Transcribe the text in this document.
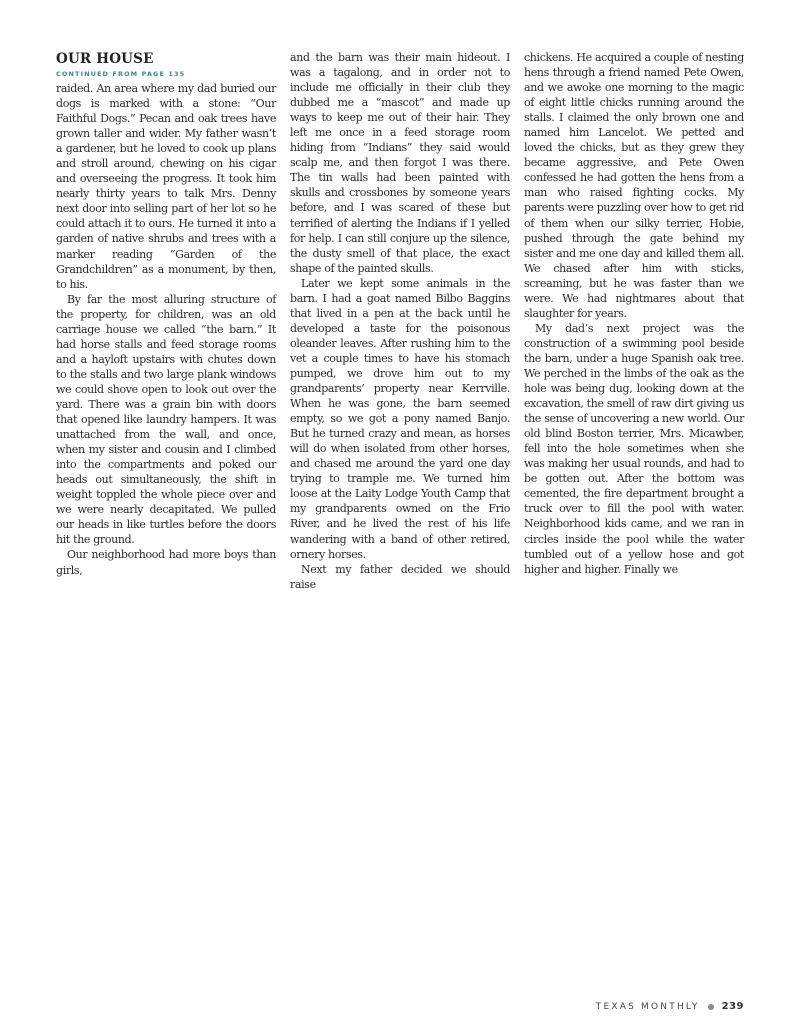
OUR HOUSE
CONTINUED FROM PAGE 135

raided. An area where my dad buried our dogs is marked with a stone: “Our Faithful Dogs.” Pecan and oak trees have grown taller and wider. My father wasn’t a gardener, but he loved to cook up plans and stroll around, chewing on his cigar and overseeing the progress. It took him nearly thirty years to talk Mrs. Denny next door into selling part of her lot so he could attach it to ours. He turned it into a garden of native shrubs and trees with a marker reading “Garden of the Grandchildren” as a monument, by then, to his.

By far the most alluring structure of the property, for children, was an old carriage house we called “the barn.” It had horse stalls and feed storage rooms and a hayloft upstairs with chutes down to the stalls and two large plank windows we could shove open to look out over the yard. There was a grain bin with doors that opened like laundry hampers. It was unattached from the wall, and once, when my sister and cousin and I climbed into the compartments and poked our heads out simultaneously, the shift in weight toppled the whole piece over and we were nearly decapitated. We pulled our heads in like turtles before the doors hit the ground.

Our neighborhood had more boys than girls,

and the barn was their main hideout. I was a tagalong, and in order not to include me officially in their club they dubbed me a “mascot” and made up ways to keep me out of their hair. They left me once in a feed storage room hiding from “Indians” they said would scalp me, and then forgot I was there. The tin walls had been painted with skulls and crossbones by someone years before, and I was scared of these but terrified of alerting the Indians if I yelled for help. I can still conjure up the silence, the dusty smell of that place, the exact shape of the painted skulls.

Later we kept some animals in the barn. I had a goat named Bilbo Baggins that lived in a pen at the back until he developed a taste for the poisonous oleander leaves. After rushing him to the vet a couple times to have his stomach pumped, we drove him out to my grandparents’ property near Kerrville. When he was gone, the barn seemed empty, so we got a pony named Banjo. But he turned crazy and mean, as horses will do when isolated from other horses, and chased me around the yard one day trying to trample me. We turned him loose at the Laity Lodge Youth Camp that my grandparents owned on the Frio River, and he lived the rest of his life wandering with a band of other retired, ornery horses.

Next my father decided we should raise

chickens. He acquired a couple of nesting hens through a friend named Pete Owen, and we awoke one morning to the magic of eight little chicks running around the stalls. I claimed the only brown one and named him Lancelot. We petted and loved the chicks, but as they grew they became aggressive, and Pete Owen confessed he had gotten the hens from a man who raised fighting cocks. My parents were puzzling over how to get rid of them when our silky terrier, Hobie, pushed through the gate behind my sister and me one day and killed them all. We chased after him with sticks, screaming, but he was faster than we were. We had nightmares about that slaughter for years.

My dad’s next project was the construction of a swimming pool beside the barn, under a huge Spanish oak tree. We perched in the limbs of the oak as the hole was being dug, looking down at the excavation, the smell of raw dirt giving us the sense of uncovering a new world. Our old blind Boston terrier, Mrs. Micawber, fell into the hole sometimes when she was making her usual rounds, and had to be gotten out. After the bottom was cemented, the fire department brought a truck over to fill the pool with water. Neighborhood kids came, and we ran in circles inside the pool while the water tumbled out of a yellow hose and got higher and higher. Finally we

TEXAS MONTHLY 239
